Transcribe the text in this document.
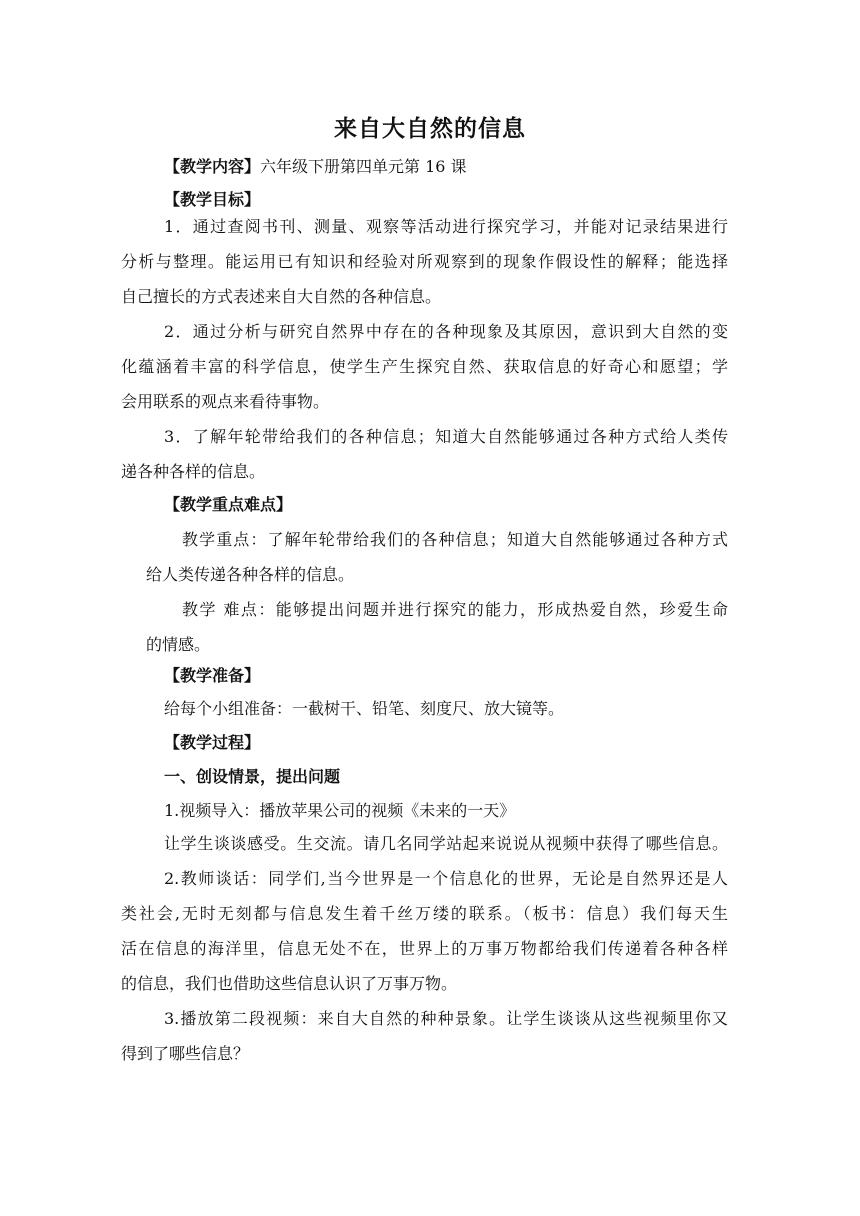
来自大自然的信息
【教学内容】六年级下册第四单元第 16 课
【教学目标】
1．通过查阅书刊、测量、观察等活动进行探究学习，并能对记录结果进行
分析与整理。能运用已有知识和经验对所观察到的现象作假设性的解释；能选择
自己擅长的方式表述来自大自然的各种信息。
2．通过分析与研究自然界中存在的各种现象及其原因，意识到大自然的变
化蕴涵着丰富的科学信息，使学生产生探究自然、获取信息的好奇心和愿望；学
会用联系的观点来看待事物。
3．了解年轮带给我们的各种信息；知道大自然能够通过各种方式给人类传
递各种各样的信息。
【教学重点难点】
教学重点：了解年轮带给我们的各种信息；知道大自然能够通过各种方式
给人类传递各种各样的信息。
教学 难点：能够提出问题并进行探究的能力，形成热爱自然，珍爱生命
的情感。
【教学准备】
给每个小组准备：一截树干、铅笔、刻度尺、放大镜等。
【教学过程】
一、创设情景，提出问题
1.视频导入：播放苹果公司的视频《未来的一天》
让学生谈谈感受。生交流。请几名同学站起来说说从视频中获得了哪些信息。
2.教师谈话：同学们,当今世界是一个信息化的世界，无论是自然界还是人
类社会,无时无刻都与信息发生着千丝万缕的联系。（板书：信息）我们每天生
活在信息的海洋里，信息无处不在，世界上的万事万物都给我们传递着各种各样
的信息，我们也借助这些信息认识了万事万物。
3.播放第二段视频：来自大自然的种种景象。让学生谈谈从这些视频里你又
得到了哪些信息？
